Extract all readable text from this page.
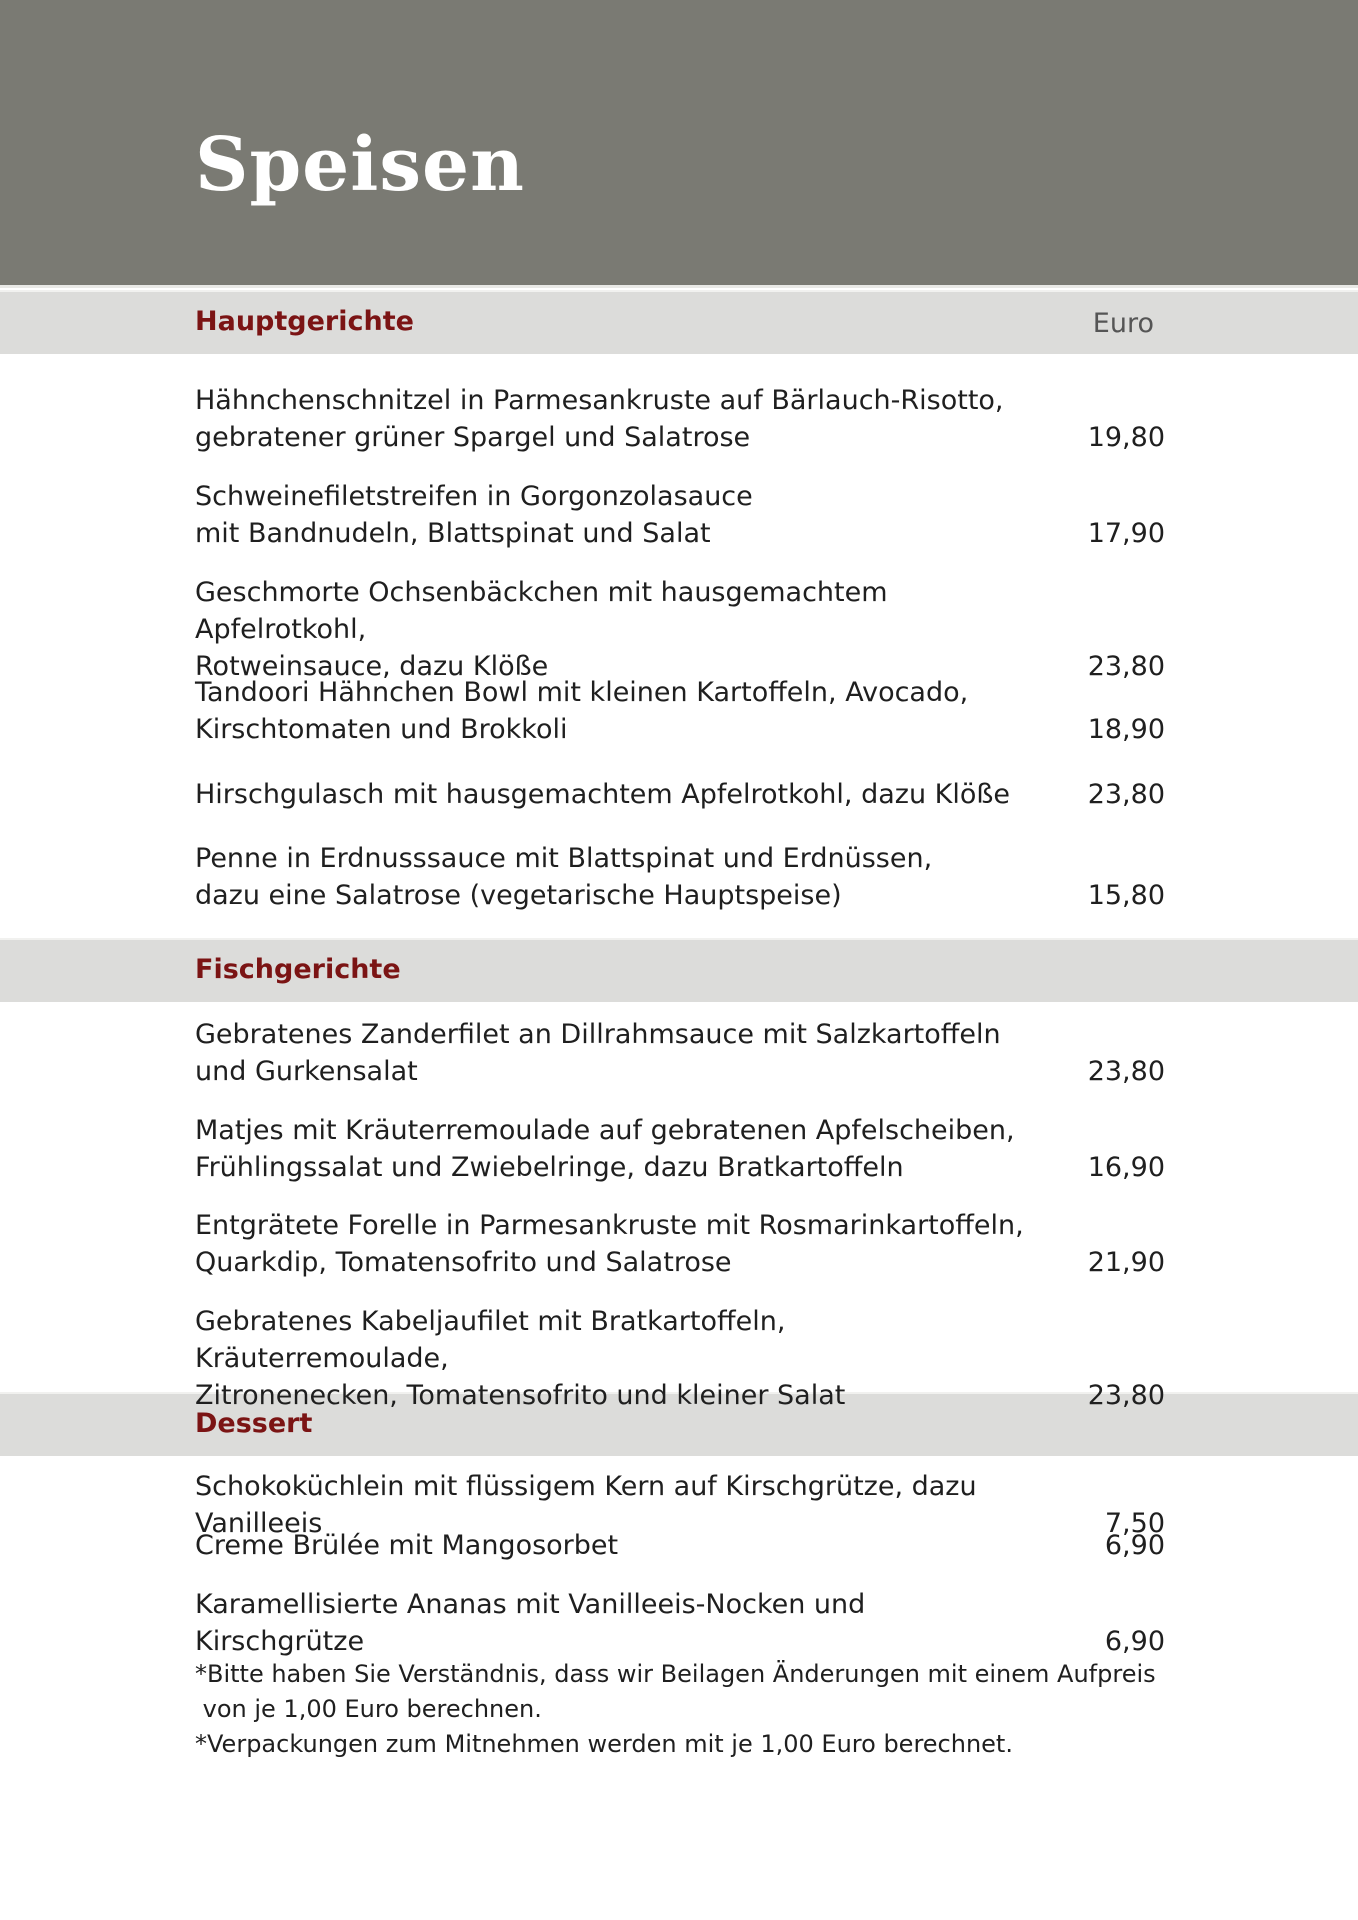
Speisen
Hauptgerichte	Euro
Fischgerichte
Dessert
Hähnchenschnitzel in Parmesankruste auf Bärlauch-Risotto,
gebratener grüner Spargel und Salatrose	19,80
Schweinefiletstreifen in Gorgonzolasauce
mit Bandnudeln, Blattspinat und Salat	17,90
Geschmorte Ochsenbäckchen mit hausgemachtem Apfelrotkohl,
Rotweinsauce, dazu Klöße	23,80
Tandoori Hähnchen Bowl mit kleinen Kartoffeln, Avocado,
Kirschtomaten und Brokkoli	18,90
Hirschgulasch mit hausgemachtem Apfelrotkohl, dazu Klöße	23,80
Penne in Erdnusssauce mit Blattspinat und Erdnüssen,
dazu eine Salatrose (vegetarische Hauptspeise)	15,80
Gebratenes Zanderfilet an Dillrahmsauce mit Salzkartoffeln
und Gurkensalat	23,80
Matjes mit Kräuterremoulade auf gebratenen Apfelscheiben,
Frühlingssalat und Zwiebelringe, dazu Bratkartoffeln	16,90
Entgrätete Forelle in Parmesankruste mit Rosmarinkartoffeln,
Quarkdip, Tomatensofrito und Salatrose	21,90
Gebratenes Kabeljaufilet mit Bratkartoffeln, Kräuterremoulade,
Zitronenecken, Tomatensofrito und kleiner Salat	23,80
Schokoküchlein mit flüssigem Kern auf Kirschgrütze, dazu Vanilleeis	7,50
Creme Brülée mit Mangosorbet	6,90
Karamellisierte Ananas mit Vanilleeis-Nocken und Kirschgrütze	6,90
*Bitte haben Sie Verständnis, dass wir Beilagen Änderungen mit einem Aufpreis
von je 1,00 Euro berechnen.
*Verpackungen zum Mitnehmen werden mit je 1,00 Euro berechnet.
